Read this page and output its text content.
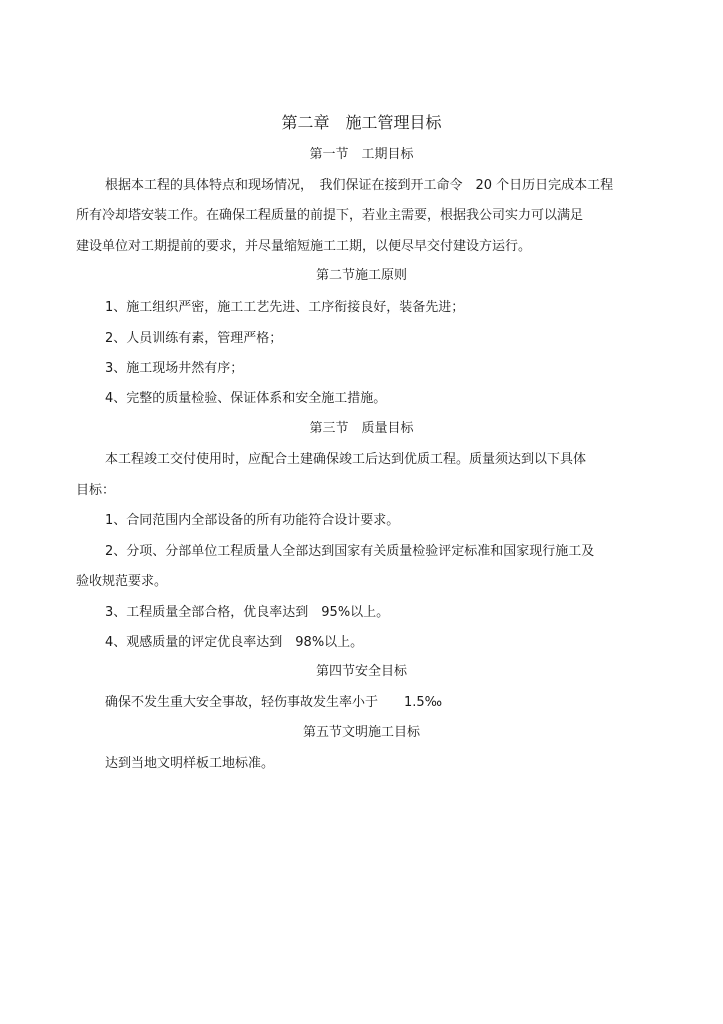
第二章　施工管理目标
第一节　工期目标
根据本工程的具体特点和现场情况，　我们保证在接到开工命令　20 个日历日完成本工程
所有冷却塔安装工作。在确保工程质量的前提下，若业主需要，根据我公司实力可以满足
建设单位对工期提前的要求，并尽量缩短施工工期，以便尽早交付建设方运行。
第二节施工原则
1、施工组织严密，施工工艺先进、工序衔接良好，装备先进；
2、人员训练有素，管理严格；
3、施工现场井然有序；
4、完整的质量检验、保证体系和安全施工措施。
第三节　质量目标
本工程竣工交付使用时，应配合土建确保竣工后达到优质工程。质量须达到以下具体
目标：
1、合同范围内全部设备的所有功能符合设计要求。
2、分项、分部单位工程质量人全部达到国家有关质量检验评定标准和国家现行施工及
验收规范要求。
3、工程质量全部合格，优良率达到　95%以上。
4、观感质量的评定优良率达到　98%以上。
第四节安全目标
确保不发生重大安全事故，轻伤事故发生率小于　　1.5‰
第五节文明施工目标
达到当地文明样板工地标准。
